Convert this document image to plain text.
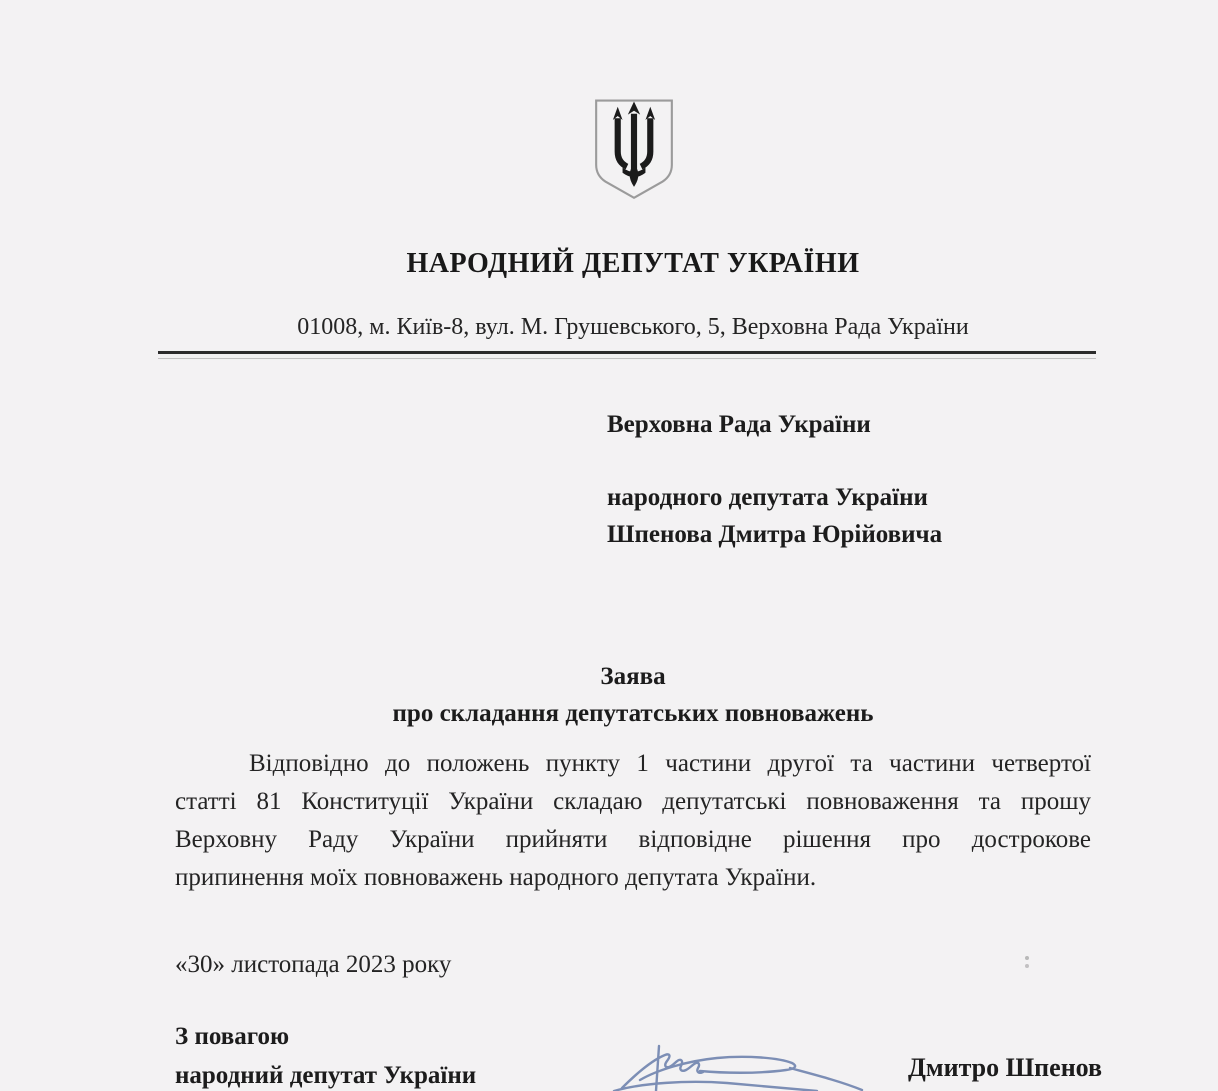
НАРОДНИЙ ДЕПУТАТ УКРАЇНИ
01008, м. Київ-8, вул. М. Грушевського, 5, Верховна Рада України
Верховна Рада України
народного депутата України
Шпенова Дмитра Юрійовича
Заява
про складання депутатських повноважень
Відповідно до положень пункту 1 частини другої та частини четвертої
статті 81 Конституції України складаю депутатські повноваження та прошу
Верховну Раду України прийняти відповідне рішення про дострокове
припинення моїх повноважень народного депутата України.
«30» листопада 2023 року
З повагою
народний депутат України	Дмитро Шпенов
